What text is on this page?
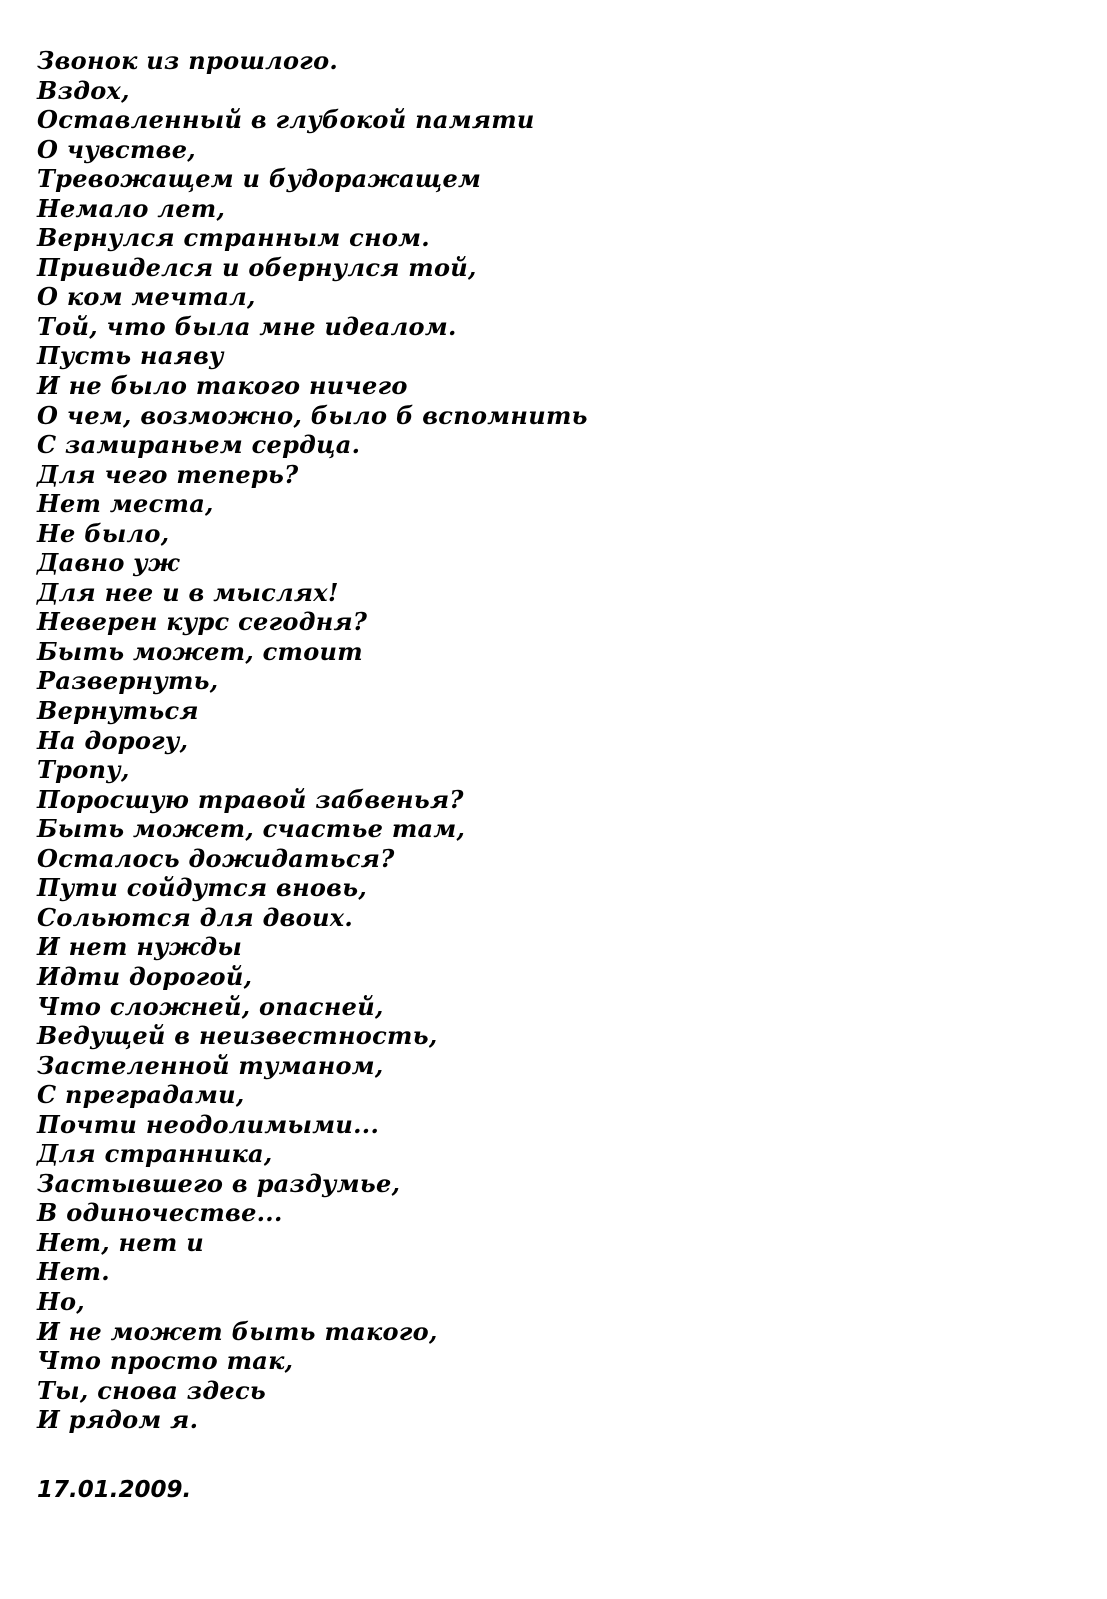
Звонок из прошлого.
Вздох,
Оставленный в глубокой памяти
О чувстве,
Тревожащем и будоражащем
Немало лет,
Вернулся странным сном.
Привиделся и обернулся той,
О ком мечтал,
Той, что была мне идеалом.
Пусть наяву
И не было такого ничего
О чем, возможно, было б вспомнить
С замираньем сердца.
Для чего теперь?
Нет места,
Не было,
Давно уж
Для нее и в мыслях!
Неверен курс сегодня?
Быть может, стоит
Развернуть,
Вернуться
На дорогу,
Тропу,
Поросшую травой забвенья?
Быть может, счастье там,
Осталось дожидаться?
Пути сойдутся вновь,
Сольются для двоих.
И нет нужды
Идти дорогой,
Что сложней, опасней,
Ведущей в неизвестность,
Застеленной туманом,
С преградами,
Почти неодолимыми...
Для странника,
Застывшего в раздумье,
В одиночестве...
Нет, нет и
Нет.
Но,
И не может быть такого,
Что просто так,
Ты, снова здесь
И рядом я.
17.01.2009.
